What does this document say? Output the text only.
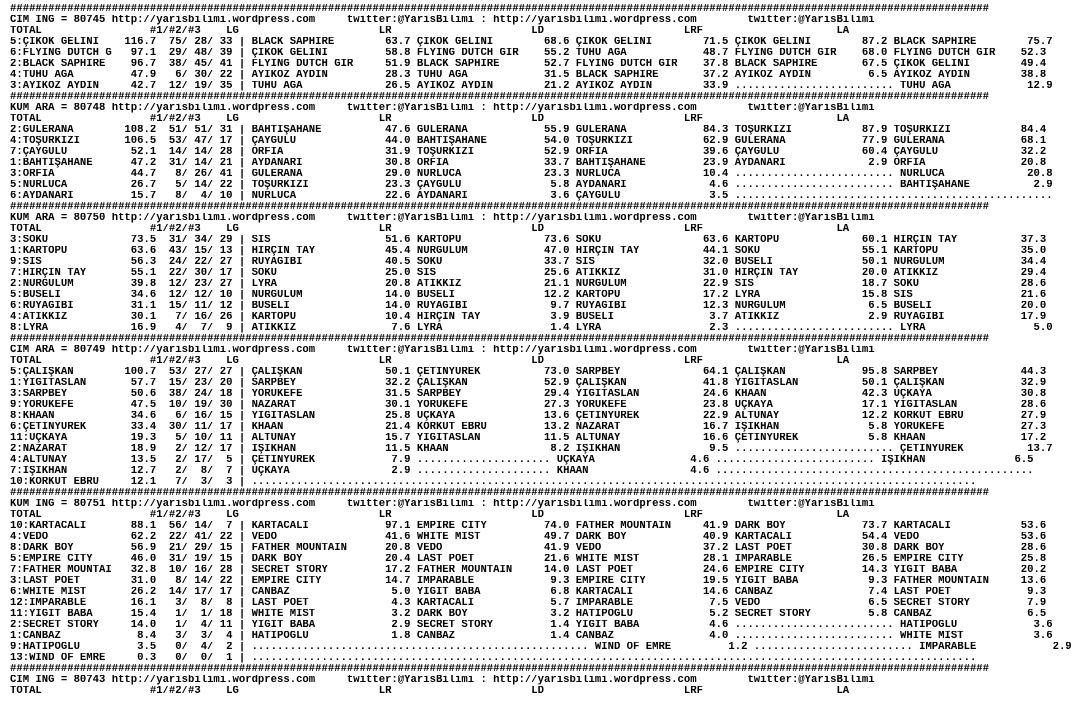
##########################################################################################################################################################
CIM ING = 80745 http://yarisbilimi.wordpress.com     twitter:@YarisBilimi : http://yarisbilimi.wordpress.com        twitter:@YarisBilimi
TOTAL                 #1/#2/#3    LG                      LR                      LD                      LRF                     LA
5:ÇIKOK GELİNİ    116.7  75/ 28/ 33 | BLACK SAPHIRE        63.7 ÇIKOK GELİNİ        68.6 ÇIKOK GELİNİ        71.5 ÇIKOK GELİNİ        87.2 BLACK SAPHIRE        75.7
6:FLYING DUTCH G   97.1  29/ 48/ 39 | ÇIKOK GELİNİ         58.8 FLYING DUTCH GIR    55.2 TUHU AĞA            48.7 FLYING DUTCH GIR    68.0 FLYING DUTCH GIR    52.3
2:BLACK SAPHIRE    96.7  38/ 45/ 41 | FLYING DUTCH GIR     51.9 BLACK SAPHIRE       52.7 FLYING DUTCH GIR    37.8 BLACK SAPHIRE       67.5 ÇIKOK GELİNİ        49.4
4:TUHU AĞA         47.9   6/ 30/ 22 | AYIKÖZ AYDIN         28.3 TUHU AĞA            31.5 BLACK SAPHIRE       37.2 AYIKÖZ AYDIN         6.5 AYIKÖZ AYDIN        38.8
3:AYIKÖZ AYDIN     42.7  12/ 19/ 35 | TUHU AĞA             26.5 AYIKÖZ AYDIN        21.2 AYIKÖZ AYDIN        33.9 ......................... TUHU AĞA            12.9
##########################################################################################################################################################
KUM ARA = 80748 http://yarisbilimi.wordpress.com     twitter:@YarisBilimi : http://yarisbilimi.wordpress.com        twitter:@YarisBilimi
TOTAL                 #1/#2/#3    LG                      LR                      LD                      LRF                     LA
2:GÜLERANA        108.2  51/ 51/ 31 | BAHTİŞAHANE          47.6 GÜLERANA            55.9 GÜLERANA            84.3 TOŞURKIZI           87.9 TOŞURKIZI           84.4
4:TOŞURKIZI       106.5  53/ 47/ 17 | ÇAYGÜLÜ              44.0 BAHTİŞAHANE         54.0 TOŞURKIZI           62.9 GÜLERANA            77.9 GÜLERANA            68.1
7:ÇAYGÜLÜ          52.1  14/ 14/ 28 | ORFİA                31.9 TOŞURKIZI           52.9 ORFİA               39.6 ÇAYGÜLÜ             60.4 ÇAYGÜLÜ             32.2
1:BAHTİŞAHANE      47.2  31/ 14/ 21 | AYDANARI             30.8 ORFİA               33.7 BAHTİŞAHANE         23.9 AYDANARI             2.9 ORFİA               20.8
3:ORFİA            44.7   8/ 26/ 41 | GÜLERANA             29.0 NURLUCA             23.3 NURLUCA             10.4 ......................... NURLUCA             20.8
5:NURLUCA          26.7   5/ 14/ 22 | TOŞURKIZI            23.3 ÇAYGÜLÜ              5.8 AYDANARI             4.6 ......................... BAHTİŞAHANE          2.9
6:AYDANARI         15.7   8/  4/ 10 | NURLUCA              22.6 AYDANARI             3.6 ÇAYGÜLÜ              3.5 ..................................................
##########################################################################################################################################################
KUM ARA = 80750 http://yarisbilimi.wordpress.com     twitter:@YarisBilimi : http://yarisbilimi.wordpress.com        twitter:@YarisBilimi
TOTAL                 #1/#2/#3    LG                      LR                      LD                      LRF                     LA
3:SOKU             73.5  31/ 34/ 29 | SİS                  51.6 KARTOPU             73.6 SOKU                63.6 KARTOPU             60.1 HIRÇIN TAY          37.3
1:KARTOPU          63.6  43/ 15/ 13 | HIRÇIN TAY           45.4 NURGÜLÜM            47.0 HIRÇIN TAY          44.1 SOKU                55.1 KARTOPU             35.0
9:SİS              56.3  24/ 22/ 27 | RÜYAGİBİ             40.5 SOKU                33.7 SİS                 32.0 BUSELİ              50.1 NURGÜLÜM            34.4
7:HIRÇIN TAY       55.1  22/ 30/ 17 | SOKU                 25.0 SİS                 25.6 ATİKKIZ             31.0 HIRÇIN TAY          20.0 ATİKKIZ             29.4
2:NURGÜLÜM         39.8  12/ 23/ 27 | LYRA                 20.8 ATİKKIZ             21.1 NURGÜLÜM            22.9 SİS                 18.7 SOKU                28.6
5:BUSELİ           34.6  12/ 12/ 10 | NURGÜLÜM             14.0 BUSELİ              12.2 KARTOPU             17.2 LYRA                15.8 SİS                 21.6
6:RÜYAGİBİ         31.1  15/ 11/ 12 | BUSELİ               14.0 RÜYAGİBİ             9.7 RÜYAGİBİ            12.3 NURGÜLÜM             6.5 BUSELİ              20.0
4:ATİKKIZ          30.1   7/ 16/ 26 | KARTOPU              10.4 HIRÇIN TAY           3.9 BUSELİ               3.7 ATİKKIZ              2.9 RÜYAGİBİ            17.9
8:LYRA             16.9   4/  7/  9 | ATİKKIZ               7.6 LYRA                 1.4 LYRA                 2.3 ......................... LYRA                 5.0
##########################################################################################################################################################
CIM ARA = 80749 http://yarisbilimi.wordpress.com     twitter:@YarisBilimi : http://yarisbilimi.wordpress.com        twitter:@YarisBilimi
TOTAL                 #1/#2/#3    LG                      LR                      LD                      LRF                     LA
5:ÇALIŞKAN        100.7  53/ 27/ 27 | ÇALIŞKAN             50.1 ÇETİNYÜREK          73.0 SARPBEY             64.1 ÇALIŞKAN            95.8 SARPBEY             44.3
1:YİĞİTASLAN       57.7  15/ 23/ 20 | SARPBEY              32.2 ÇALIŞKAN            52.9 ÇALIŞKAN            41.8 YİĞİTASLAN          50.1 ÇALIŞKAN            32.9
3:SARPBEY          50.6  38/ 24/ 18 | YÖRÜKEFE             31.5 SARPBEY             29.4 YİĞİTASLAN          24.6 KHAAN               42.3 UÇKAYA              30.8
9:YÖRÜKEFE         47.5  10/ 19/ 30 | NAZARAT              30.1 YÖRÜKEFE            27.3 YÖRÜKEFE            23.8 UÇKAYA              17.1 YİĞİTASLAN          28.6
8:KHAAN            34.6   6/ 16/ 15 | YİĞİTASLAN           25.8 UÇKAYA              13.6 ÇETİNYÜREK          22.9 ALTUNAY             12.2 KORKUT EBRU         27.9
6:ÇETİNYÜREK       33.4  30/ 11/ 17 | KHAAN                21.4 KORKUT EBRU         13.2 NAZARAT             16.7 IŞIKHAN              5.8 YÖRÜKEFE            27.3
11:UÇKAYA          19.3   5/ 10/ 11 | ALTUNAY              15.7 YİĞİTASLAN          11.5 ALTUNAY             16.6 ÇETİNYÜREK           5.8 KHAAN               17.2
2:NAZARAT          18.9   2/ 12/ 17 | IŞIKHAN              11.5 KHAAN                8.2 IŞIKHAN              9.5 ......................... ÇETİNYÜREK          13.7
4:ALTUNAY          13.5   2/ 17/  5 | ÇETİNYÜREK            7.9 ..................... UÇKAYA               4.6 ......................... IŞIKHAN              6.5
7:IŞIKHAN          12.7   2/  8/  7 | UÇKAYA                2.9 ..................... KHAAN                4.6 ..................................................
10:KORKUT EBRU     12.1   7/  3/  3 | ..................................................................................................................
##########################################################################################################################################################
KUM ING = 80751 http://yarisbilimi.wordpress.com     twitter:@YarisBilimi : http://yarisbilimi.wordpress.com        twitter:@YarisBilimi
TOTAL                 #1/#2/#3    LG                      LR                      LD                      LRF                     LA
10:KARTACALI       88.1  56/ 14/  7 | KARTACALI            97.1 EMPIRE CITY         74.0 FATHER MOUNTAIN     41.9 DARK BOY            73.7 KARTACALI           53.6
4:VEDO             62.2  22/ 41/ 22 | VEDO                 41.6 WHITE MIST          49.7 DARK BOY            40.9 KARTACALI           54.4 VEDO                53.6
8:DARK BOY         56.9  21/ 29/ 15 | FATHER MOUNTAIN      20.8 VEDO                41.9 VEDO                37.2 LAST POET           30.8 DARK BOY            28.6
5:EMPIRE CITY      46.0  31/ 19/ 15 | DARK BOY             20.4 LAST POET           21.6 WHITE MIST          28.1 IMPARABLE           26.5 EMPIRE CITY         25.8
7:FATHER MOUNTAI   32.8  10/ 16/ 28 | SECRET STORY         17.2 FATHER MOUNTAIN     14.0 LAST POET           24.6 EMPIRE CITY         14.3 YİĞİT BABA          20.2
3:LAST POET        31.0   8/ 14/ 22 | EMPIRE CITY          14.7 IMPARABLE            9.3 EMPIRE CITY         19.5 YİĞİT BABA           9.3 FATHER MOUNTAIN     13.6
6:WHITE MIST       26.2  14/ 17/ 17 | CANBAZ                5.0 YİĞİT BABA           6.8 KARTACALI           14.6 CANBAZ               7.4 LAST POET            9.3
12:IMPARABLE       16.1   3/  8/  8 | LAST POET             4.3 KARTACALI            5.7 IMPARABLE            7.5 VEDO                 6.5 SECRET STORY         7.9
11:YİĞİT BABA      15.4   1/  1/ 18 | WHITE MIST            3.2 DARK BOY             3.2 HATİPOĞLU            5.2 SECRET STORY         5.8 CANBAZ               6.5
2:SECRET STORY     14.0   1/  4/ 11 | YİĞİT BABA            2.9 SECRET STORY         1.4 YİĞİT BABA           4.6 ......................... HATİPOĞLU            3.6
1:CANBAZ            8.4   3/  3/  4 | HATİPOĞLU             1.8 CANBAZ               1.4 CANBAZ               4.0 ......................... WHITE MIST           3.6
9:HATİPOĞLU         3.5   0/  4/  2 | ..................................................... WIND OF EMRE         1.2 ......................... IMPARABLE            2.9
13:WIND OF EMRE     0.3   0/  0/  1 | ..................................................................................................................
##########################################################################################################################################################
CIM ING = 80743 http://yarisbilimi.wordpress.com     twitter:@YarisBilimi : http://yarisbilimi.wordpress.com        twitter:@YarisBilimi
TOTAL                 #1/#2/#3    LG                      LR                      LD                      LRF                     LA
